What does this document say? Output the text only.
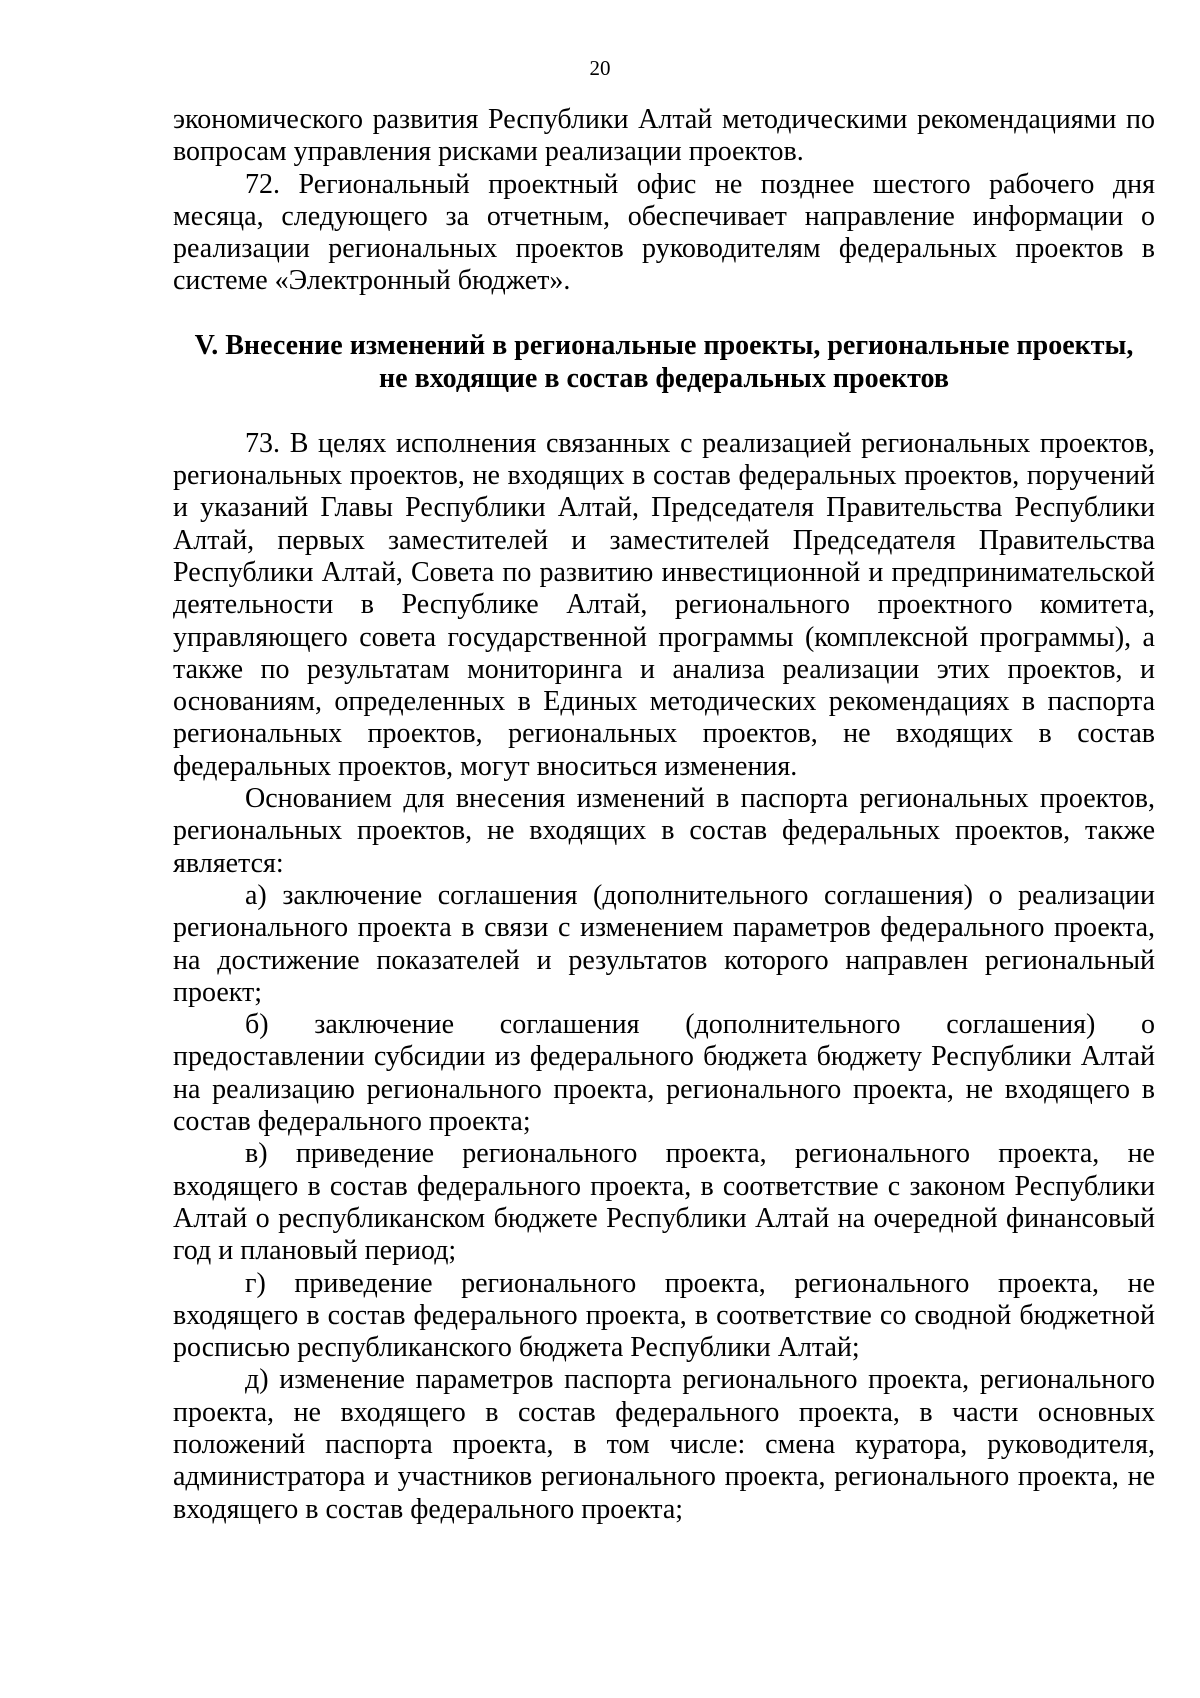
20

экономического развития Республики Алтай методическими рекомендациями по вопросам управления рисками реализации проектов.

72. Региональный проектный офис не позднее шестого рабочего дня месяца, следующего за отчетным, обеспечивает направление информации о реализации региональных проектов руководителям федеральных проектов в системе «Электронный бюджет».

V. Внесение изменений в региональные проекты, региональные проекты,
не входящие в состав федеральных проектов

73. В целях исполнения связанных с реализацией региональных проектов, региональных проектов, не входящих в состав федеральных проектов, поручений и указаний Главы Республики Алтай, Председателя Правительства Республики Алтай, первых заместителей и заместителей Председателя Правительства Республики Алтай, Совета по развитию инвестиционной и предпринимательской деятельности в Республике Алтай, регионального проектного комитета, управляющего совета государственной программы (комплексной программы), а также по результатам мониторинга и анализа реализации этих проектов, и основаниям, определенных в Единых методических рекомендациях в паспорта региональных проектов, региональных проектов, не входящих в состав федеральных проектов, могут вноситься изменения.

Основанием для внесения изменений в паспорта региональных проектов, региональных проектов, не входящих в состав федеральных проектов, также является:

а) заключение соглашения (дополнительного соглашения) о реализации регионального проекта в связи с изменением параметров федерального проекта, на достижение показателей и результатов которого направлен региональный проект;

б) заключение соглашения (дополнительного соглашения) о предоставлении субсидии из федерального бюджета бюджету Республики Алтай на реализацию регионального проекта, регионального проекта, не входящего в состав федерального проекта;

в) приведение регионального проекта, регионального проекта, не входящего в состав федерального проекта, в соответствие с законом Республики Алтай о республиканском бюджете Республики Алтай на очередной финансовый год и плановый период;

г) приведение регионального проекта, регионального проекта, не входящего в состав федерального проекта, в соответствие со сводной бюджетной росписью республиканского бюджета Республики Алтай;

д) изменение параметров паспорта регионального проекта, регионального проекта, не входящего в состав федерального проекта, в части основных положений паспорта проекта, в том числе: смена куратора, руководителя, администратора и участников регионального проекта, регионального проекта, не входящего в состав федерального проекта;
